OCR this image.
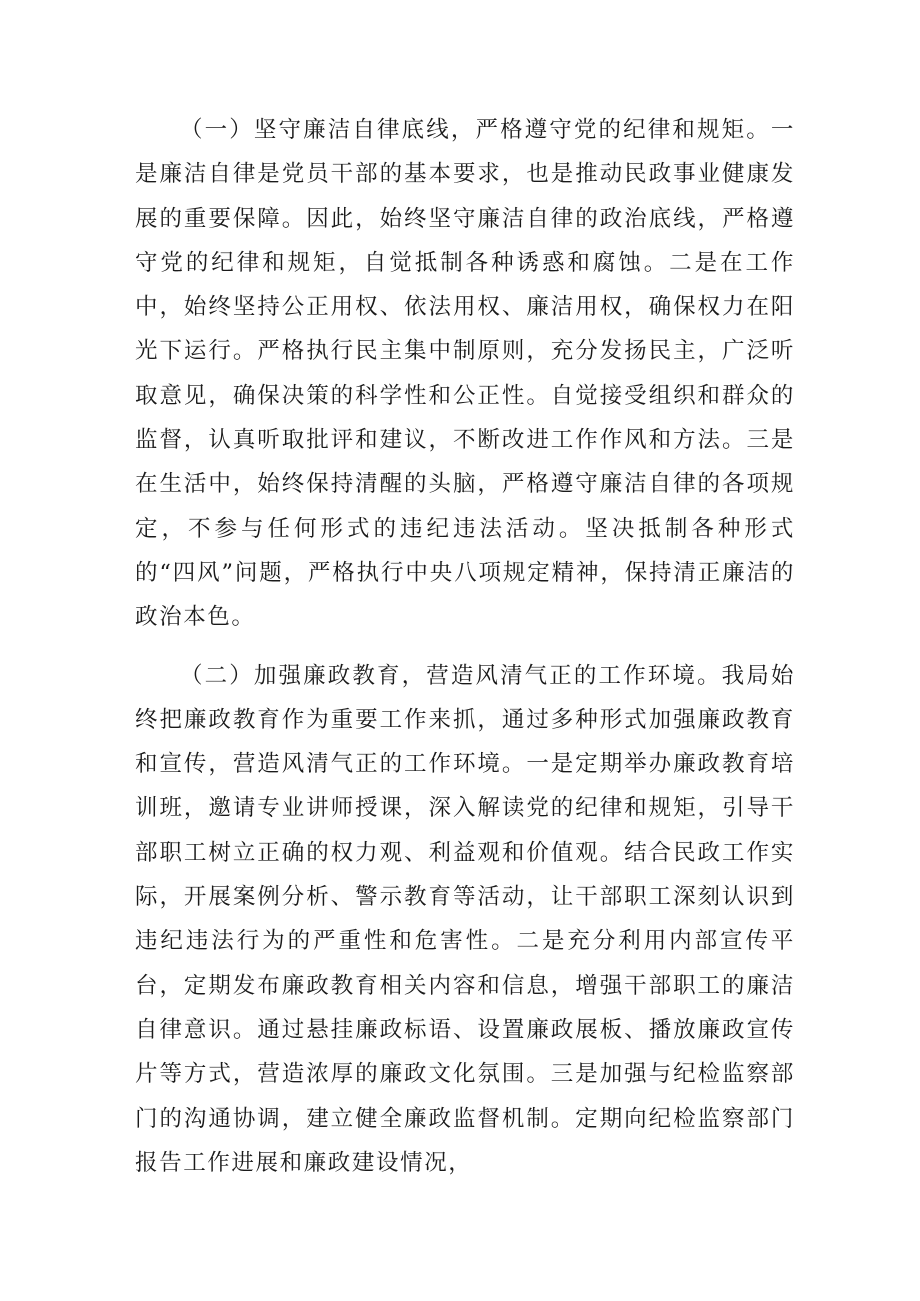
（一）坚守廉洁自律底线，严格遵守党的纪律和规矩。一是廉洁自律是党员干部的基本要求，也是推动民政事业健康发展的重要保障。因此，始终坚守廉洁自律的政治底线，严格遵守党的纪律和规矩，自觉抵制各种诱惑和腐蚀。二是在工作中，始终坚持公正用权、依法用权、廉洁用权，确保权力在阳光下运行。严格执行民主集中制原则，充分发扬民主，广泛听取意见，确保决策的科学性和公正性。自觉接受组织和群众的监督，认真听取批评和建议，不断改进工作作风和方法。三是在生活中，始终保持清醒的头脑，严格遵守廉洁自律的各项规定，不参与任何形式的违纪违法活动。坚决抵制各种形式的“四风”问题，严格执行中央八项规定精神，保持清正廉洁的政治本色。

（二）加强廉政教育，营造风清气正的工作环境。我局始终把廉政教育作为重要工作来抓，通过多种形式加强廉政教育和宣传，营造风清气正的工作环境。一是定期举办廉政教育培训班，邀请专业讲师授课，深入解读党的纪律和规矩，引导干部职工树立正确的权力观、利益观和价值观。结合民政工作实际，开展案例分析、警示教育等活动，让干部职工深刻认识到违纪违法行为的严重性和危害性。二是充分利用内部宣传平台，定期发布廉政教育相关内容和信息，增强干部职工的廉洁自律意识。通过悬挂廉政标语、设置廉政展板、播放廉政宣传片等方式，营造浓厚的廉政文化氛围。三是加强与纪检监察部门的沟通协调，建立健全廉政监督机制。定期向纪检监察部门报告工作进展和廉政建设情况，
